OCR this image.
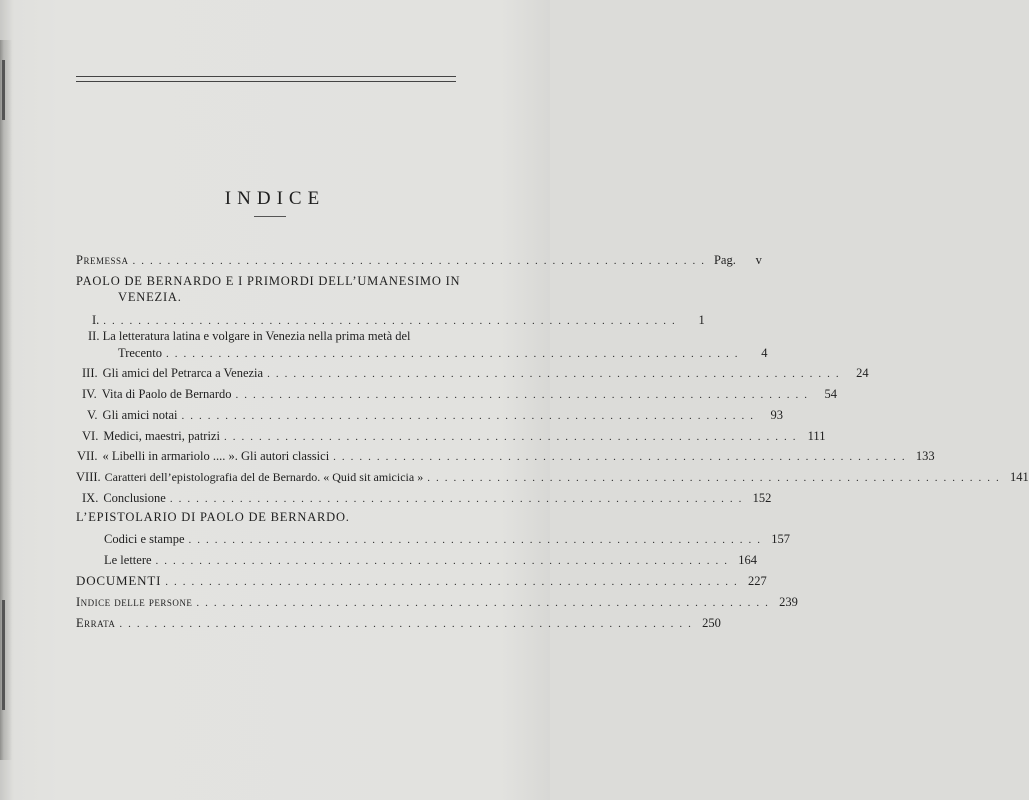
INDICE
Premessa .................................................................. Pag. v
PAOLO DE BERNARDO E I PRIMORDI DELL’UMANESIMO IN
VENEZIA.
I. ..................................................................	1
II. La letteratura latina e volgare in Venezia nella prima metà del
Trecento ..................................................................	4
III. Gli amici del Petrarca a Venezia .................................................................. 24
IV. Vita di Paolo de Bernardo .................................................................. 54
V. Gli amici notai .................................................................. 93
VI. Medici, maestri, patrizi .................................................................. 111
VII. « Libelli in armariolo .... ». Gli autori classici .................................................................. 133
VIII. Caratteri dell’epistolografia del de Bernardo. « Quid sit amicicia » .................................................................. 141
IX. Conclusione .................................................................. 152
L’EPISTOLARIO DI PAOLO DE BERNARDO.
Codici e stampe .................................................................. 157
Le lettere .................................................................. 164
DOCUMENTI .................................................................. 227
Indice delle persone .................................................................. 239
Errata .................................................................. 250
